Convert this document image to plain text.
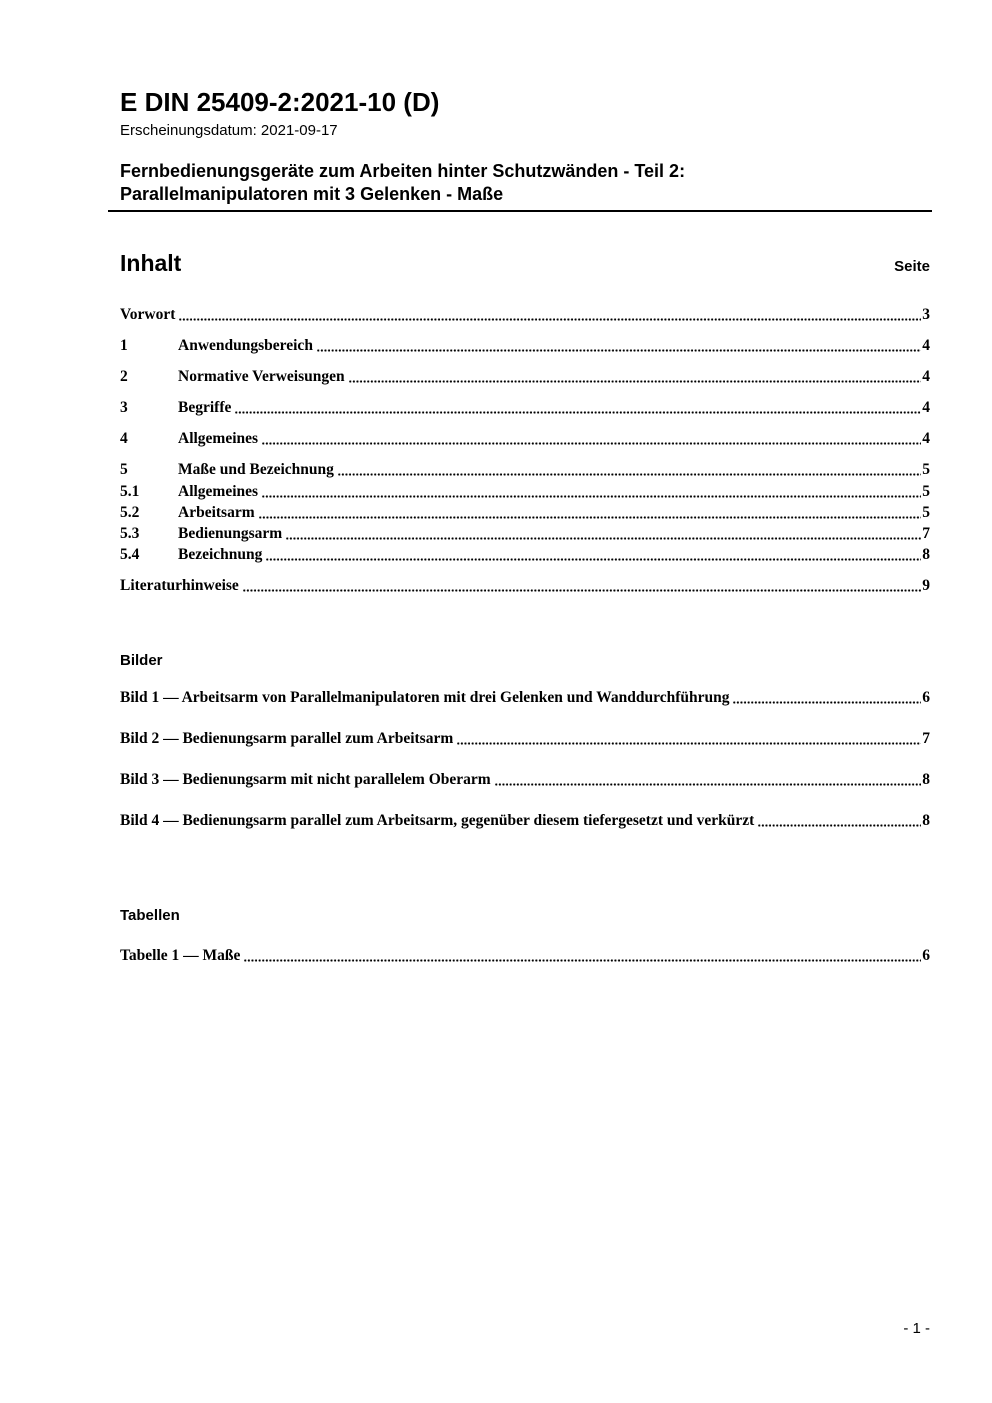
E DIN 25409-2:2021-10 (D)
Erscheinungsdatum: 2021-09-17
Fernbedienungsgeräte zum Arbeiten hinter Schutzwänden - Teil 2:
Parallelmanipulatoren mit 3 Gelenken - Maße
Inhalt	Seite
Vorwort	3
1	Anwendungsbereich	4
2	Normative Verweisungen	4
3	Begriffe	4
4	Allgemeines	4
5	Maße und Bezeichnung	5
5.1	Allgemeines	5
5.2	Arbeitsarm	5
5.3	Bedienungsarm	7
5.4	Bezeichnung	8
Literaturhinweise	9
Bilder
Bild 1 — Arbeitsarm von Parallelmanipulatoren mit drei Gelenken und Wanddurchführung	6
Bild 2 — Bedienungsarm parallel zum Arbeitsarm	7
Bild 3 — Bedienungsarm mit nicht parallelem Oberarm	8
Bild 4 — Bedienungsarm parallel zum Arbeitsarm, gegenüber diesem tiefergesetzt und verkürzt	8
Tabellen
Tabelle 1 — Maße	6
- 1 -
